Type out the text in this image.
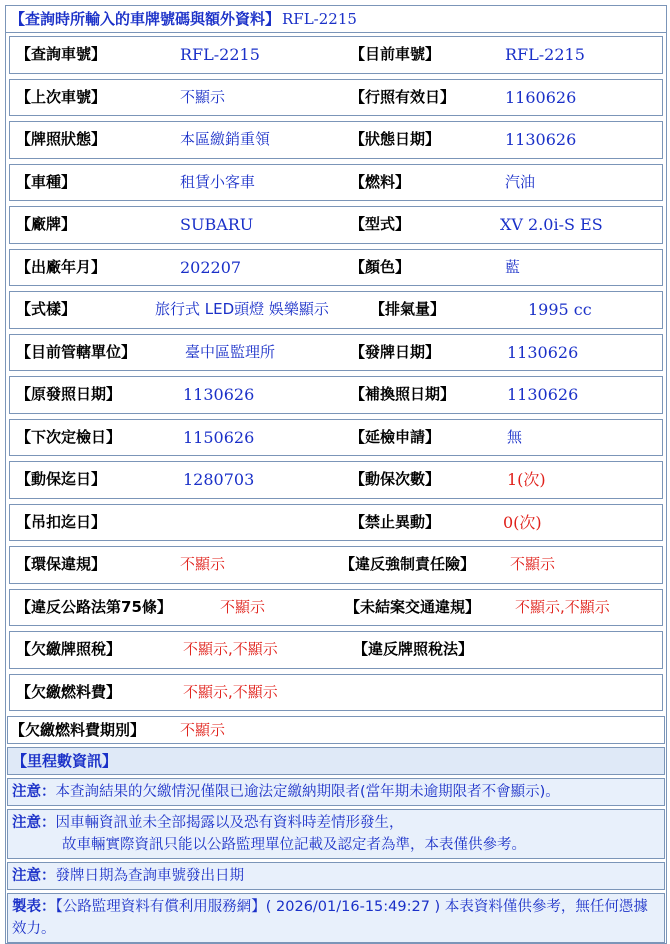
【查詢時所輸入的車牌號碼與額外資料】 RFL-2215
【查詢車號】	RFL-2215	【目前車號】	RFL-2215
【上次車號】	不顯示	【行照有效日】	1160626
【牌照狀態】	本區繳銷重領	【狀態日期】	1130626
【車種】	租賃小客車	【燃料】	汽油
【廠牌】	SUBARU	【型式】	XV 2.0i-S ES
【出廠年月】	202207	【顏色】	藍
【式樣】	旅行式 LED頭燈 娛樂顯示	【排氣量】	1995 cc
【目前管轄單位】	臺中區監理所	【發牌日期】	1130626
【原發照日期】	1130626	【補換照日期】	1130626
【下次定檢日】	1150626	【延檢申請】	無
【動保迄日】	1280703	【動保次數】	1(次)
【吊扣迄日】	【禁止異動】	0(次)
【環保違規】	不顯示	【違反強制責任險】 不顯示
【違反公路法第75條】	不顯示	【未結案交通違規】 不顯示,不顯示
【欠繳牌照稅】	不顯示,不顯示	【違反牌照稅法】
【欠繳燃料費】	不顯示,不顯示
【欠繳燃料費期別】 不顯示
【里程數資訊】
注意：本查詢結果的欠繳情況僅限已逾法定繳納期限者(當年期未逾期限者不會顯示)。
注意：因車輛資訊並未全部揭露以及恐有資料時差情形發生，
故車輛實際資訊只能以公路監理單位記載及認定者為準，本表僅供參考。
注意：發牌日期為查詢車號發出日期
製表：【公路監理資料有償利用服務網】( 2026/01/16-15:49:27 ) 本表資料僅供參考，無任何憑據效力。
